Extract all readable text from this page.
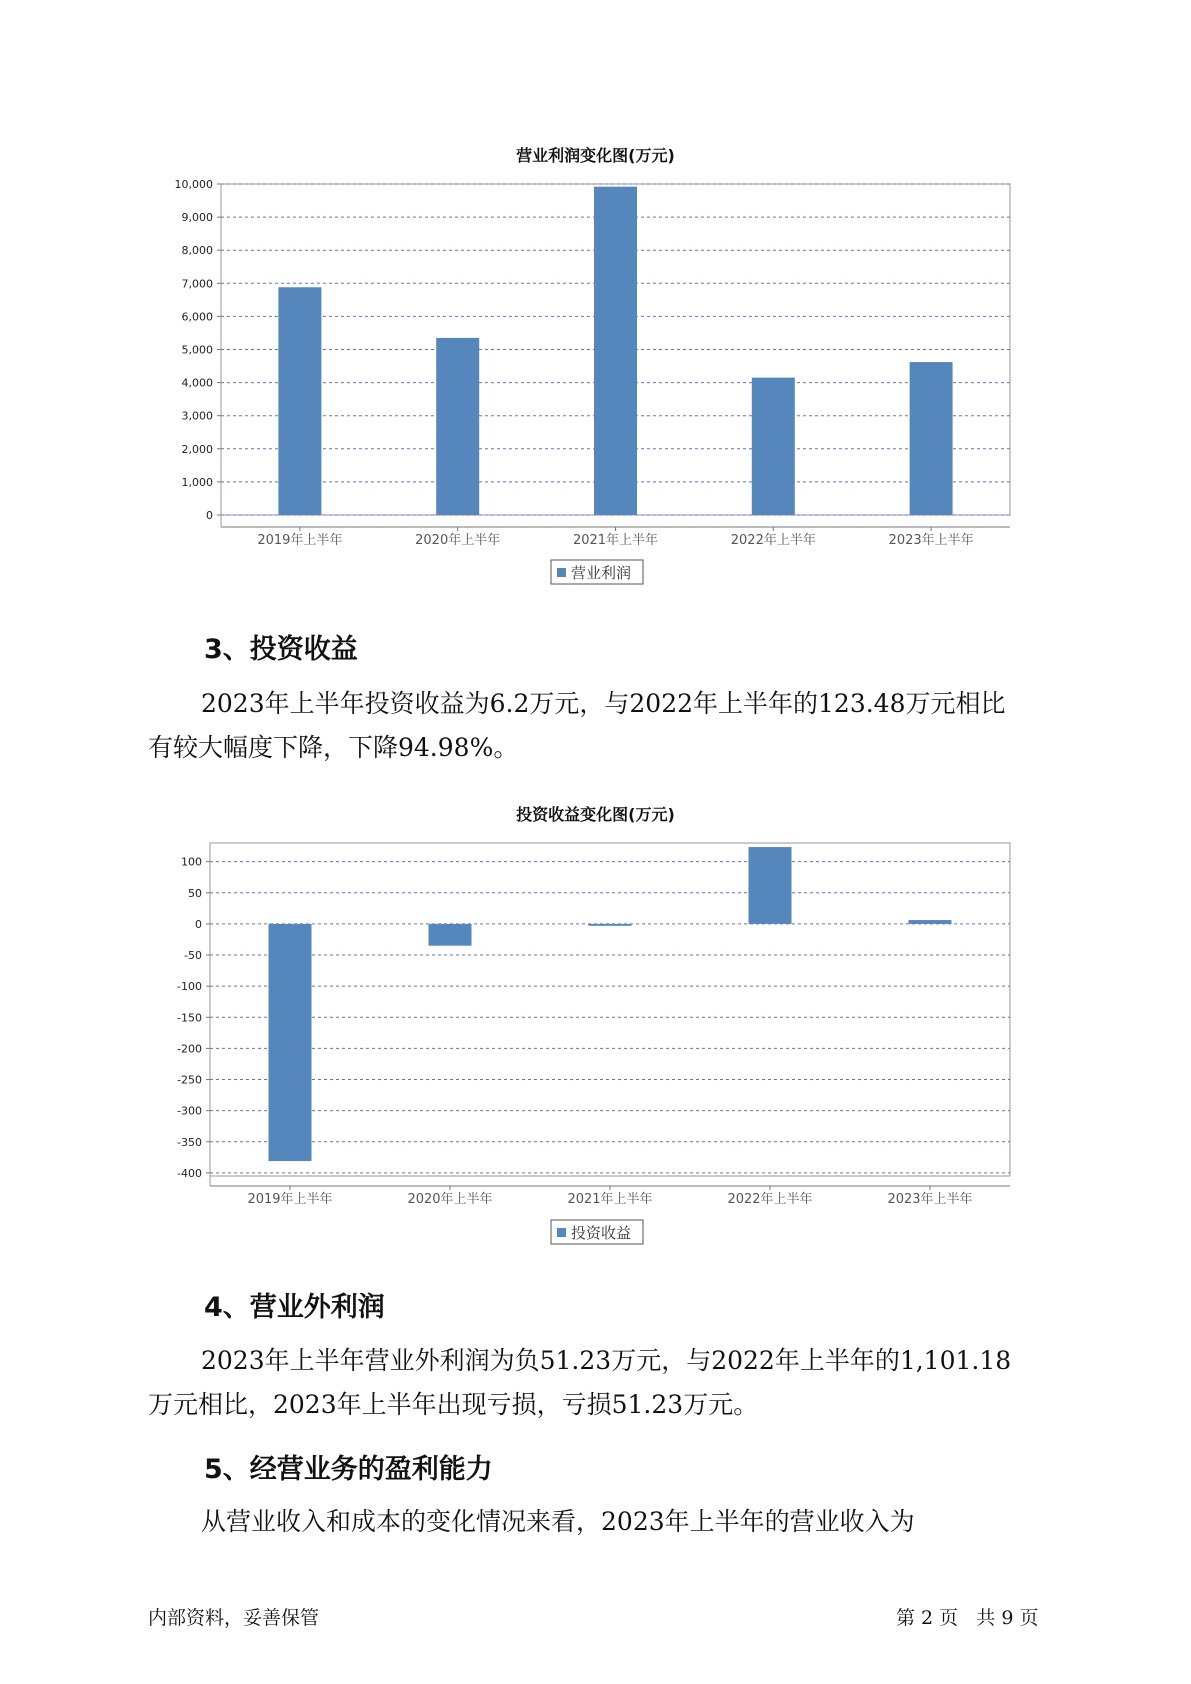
营业利润变化图(万元)
0
1,000
2,000
3,000
4,000
5,000
6,000
7,000
8,000
9,000
10,000
2019年上半年	2020年上半年	2021年上半年	2022年上半年	2023年上半年
营业利润
3、投资收益

2023年上半年投资收益为6.2万元，与2022年上半年的123.48万元相比

有较大幅度下降，下降94.98%。

投资收益变化图(万元)
100
50
0
-50
-100
-150
-200
-250
-300
-350
-400
2019年上半年	2020年上半年	2021年上半年	2022年上半年	2023年上半年
投资收益
4、营业外利润

2023年上半年营业外利润为负51.23万元，与2022年上半年的1,101.18

万元相比，2023年上半年出现亏损，亏损51.23万元。

5、经营业务的盈利能力

从营业收入和成本的变化情况来看，2023年上半年的营业收入为

内部资料，妥善保管	第 2 页   共 9 页
